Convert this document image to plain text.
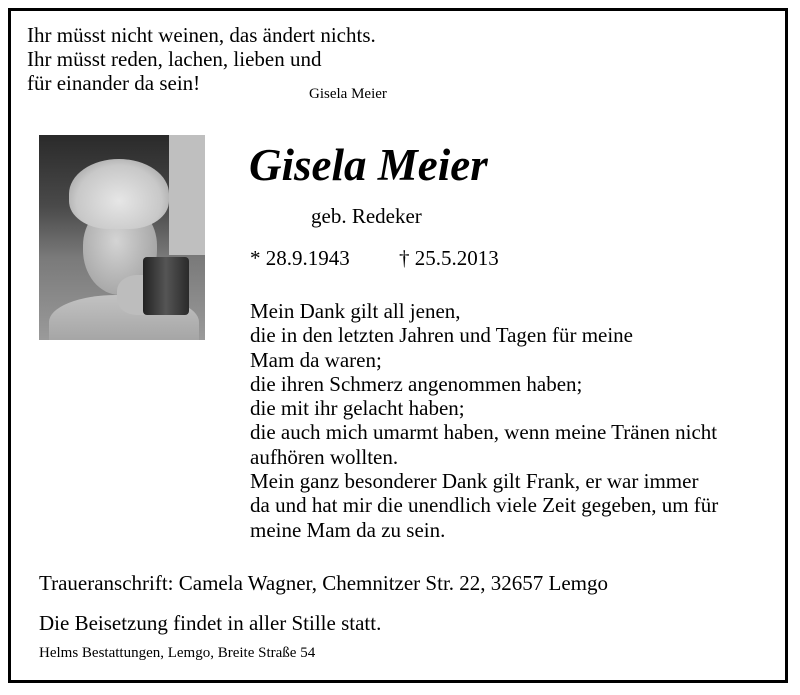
Ihr müsst nicht weinen, das ändert nichts.
Ihr müsst reden, lachen, lieben und
für einander da sein!	Gisela Meier
Gisela Meier
geb. Redeker
* 28.9.1943 † 25.5.2013
Mein Dank gilt all jenen,
die in den letzten Jahren und Tagen für meine
Mam da waren;
die ihren Schmerz angenommen haben;
die mit ihr gelacht haben;
die auch mich umarmt haben, wenn meine Tränen nicht
aufhören wollten.
Mein ganz besonderer Dank gilt Frank, er war immer
da und hat mir die unendlich viele Zeit gegeben, um für
meine Mam da zu sein.
Traueranschrift: Camela Wagner, Chemnitzer Str. 22, 32657 Lemgo
Die Beisetzung findet in aller Stille statt.
Helms Bestattungen, Lemgo, Breite Straße 54
